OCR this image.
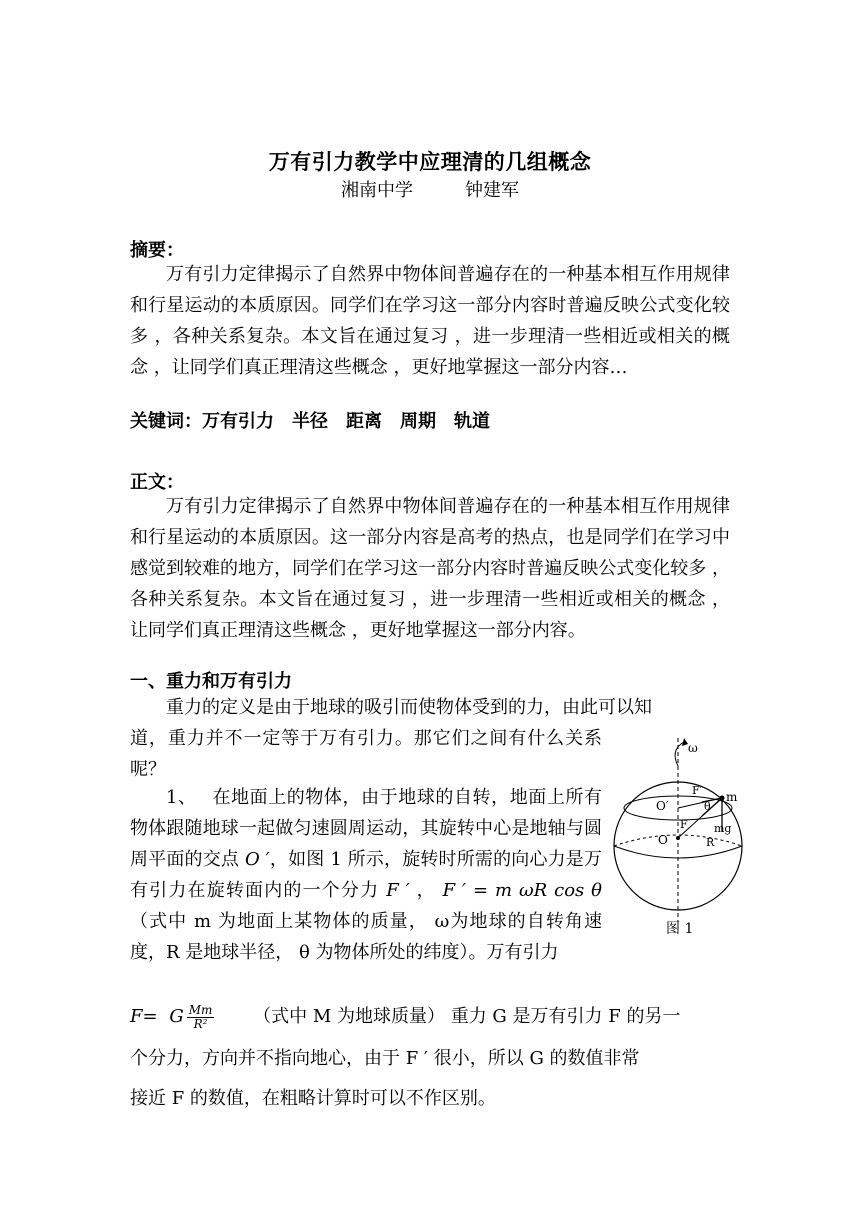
万有引力教学中应理清的几组概念
湘南中学	钟建军
摘要：

万有引力定律揭示了自然界中物体间普遍存在的一种基本相互作用规律和行星运动的本质原因。同学们在学习这一部分内容时普遍反映公式变化较多 ，各种关系复杂。本文旨在通过复习 ，进一步理清一些相近或相关的概念 ，让同学们真正理清这些概念 ，更好地掌握这一部分内容…

关键词：万有引力 半径 距离 周期 轨道
正文：

万有引力定律揭示了自然界中物体间普遍存在的一种基本相互作用规律和行星运动的本质原因。这一部分内容是高考的热点，也是同学们在学习中感觉到较难的地方，同学们在学习这一部分内容时普遍反映公式变化较多 ，各种关系复杂。本文旨在通过复习 ，进一步理清一些相近或相关的概念 ，让同学们真正理清这些概念 ，更好地掌握这一部分内容。

一、重力和万有引力

重力的定义是由于地球的吸引而使物体受到的力，由此可以知

道，重力并不一定等于万有引力。那它们之间有什么关系呢？

1、　 在地面上的物体，由于地球的自转，地面上所有物体跟随地球一起做匀速圆周运动，其旋转中心是地轴与圆周平面的交点 O ′，如图 1 所示，旋转时所需的向心力是万有引力在旋转面内的一个分力 F ′ ， F ′ = m ωR cos θ（式中 m 为地面上某物体的质量， ω为地球的自转角速度，R 是地球半径， θ 为物体所处的纬度）。万有引力

F= G $\frac{Mm}{\text{R²}}$ （式中 M 为地球质量） 重力 G 是万有引力 F 的另一
个分力，方向并不指向地心，由于 F ′ 很小，所以 G 的数值非常
接近 F 的数值，在粗略计算时可以不作区别。
ω
O′
O
m
F′
θ
F mg
R
图 1
